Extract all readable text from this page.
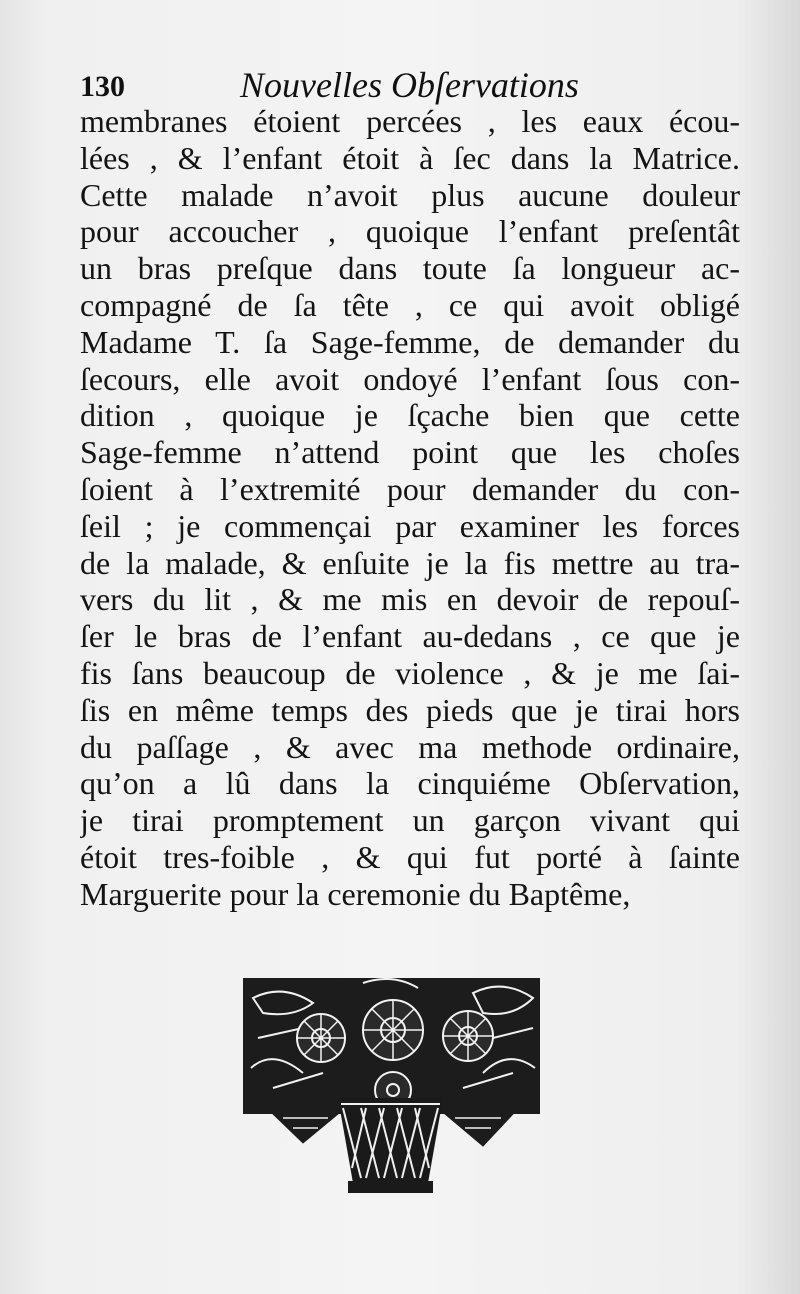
130	Nouvelles Obſervations
membranes étoient percées , les eaux écou-
lées , & l’enfant étoit à ſec dans la Matrice.
Cette malade n’avoit plus aucune douleur
pour accoucher , quoique l’enfant preſentât
un bras preſque dans toute ſa longueur ac-
compagné de ſa tête , ce qui avoit obligé
Madame T. ſa Sage-femme, de demander du
ſecours, elle avoit ondoyé l’enfant ſous con-
dition , quoique je ſçache bien que cette
Sage-femme n’attend point que les choſes
ſoient à l’extremité pour demander du con-
ſeil ; je commençai par examiner les forces
de la malade, & enſuite je la fis mettre au tra-
vers du lit , & me mis en devoir de repouſ-
ſer le bras de l’enfant au-dedans , ce que je
fis ſans beaucoup de violence , & je me ſai-
ſis en même temps des pieds que je tirai hors
du paſſage , & avec ma methode ordinaire,
qu’on a lû dans la cinquiéme Obſervation,
je tirai promptement un garçon vivant qui
étoit tres-foible , & qui fut porté à ſainte
Marguerite pour la ceremonie du Baptême,
